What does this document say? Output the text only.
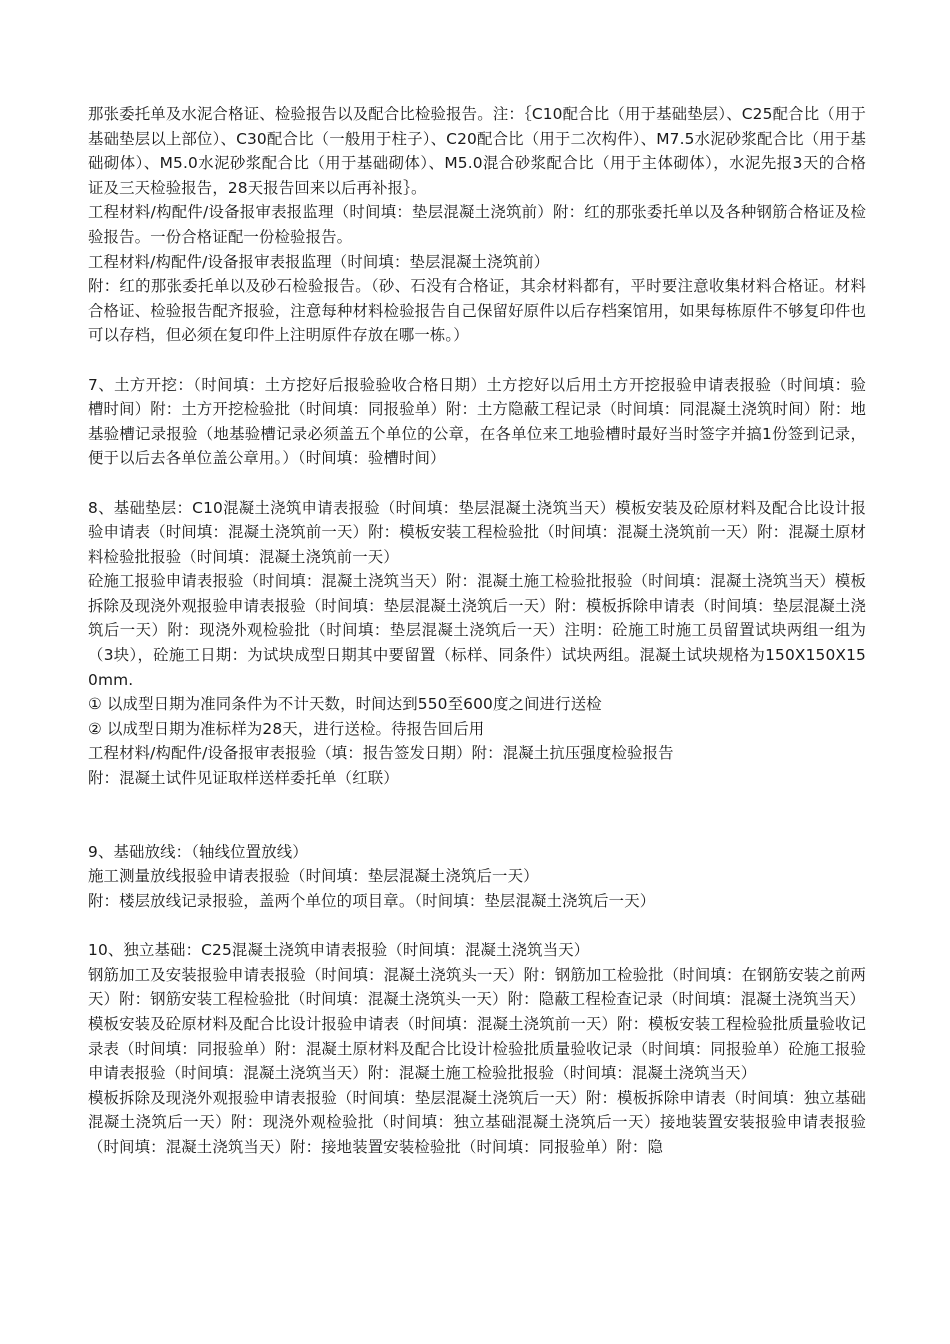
那张委托单及水泥合格证、检验报告以及配合比检验报告。注：｛C10配合比（用于基础垫层）、C25配合比（用于基础垫层以上部位）、C30配合比（一般用于柱子）、C20配合比（用于二次构件）、M7.5水泥砂浆配合比（用于基础砌体）、M5.0水泥砂浆配合比（用于基础砌体）、M5.0混合砂浆配合比（用于主体砌体），水泥先报3天的合格证及三天检验报告，28天报告回来以后再补报｝。

工程材料/构配件/设备报审表报监理（时间填：垫层混凝土浇筑前）附：红的那张委托单以及各种钢筋合格证及检验报告。一份合格证配一份检验报告。

工程材料/构配件/设备报审表报监理（时间填：垫层混凝土浇筑前）

附：红的那张委托单以及砂石检验报告。（砂、石没有合格证，其余材料都有，平时要注意收集材料合格证。材料合格证、检验报告配齐报验，注意每种材料检验报告自己保留好原件以后存档案馆用，如果每栋原件不够复印件也可以存档，但必须在复印件上注明原件存放在哪一栋。）

7、土方开挖：（时间填：土方挖好后报验验收合格日期）土方挖好以后用土方开挖报验申请表报验（时间填：验槽时间）附：土方开挖检验批（时间填：同报验单）附：土方隐蔽工程记录（时间填：同混凝土浇筑时间）附：地基验槽记录报验（地基验槽记录必须盖五个单位的公章，在各单位来工地验槽时最好当时签字并搞1份签到记录，便于以后去各单位盖公章用。）（时间填：验槽时间）

8、基础垫层：C10混凝土浇筑申请表报验（时间填：垫层混凝土浇筑当天）模板安装及砼原材料及配合比设计报验申请表（时间填：混凝土浇筑前一天）附：模板安装工程检验批（时间填：混凝土浇筑前一天）附：混凝土原材料检验批报验（时间填：混凝土浇筑前一天）

砼施工报验申请表报验（时间填：混凝土浇筑当天）附：混凝土施工检验批报验（时间填：混凝土浇筑当天）模板拆除及现浇外观报验申请表报验（时间填：垫层混凝土浇筑后一天）附：模板拆除申请表（时间填：垫层混凝土浇筑后一天）附：现浇外观检验批（时间填：垫层混凝土浇筑后一天）注明：砼施工时施工员留置试块两组一组为（3块），砼施工日期：为试块成型日期其中要留置（标样、同条件）试块两组。混凝土试块规格为150X150X150mm.

① 以成型日期为准同条件为不计天数，时间达到550至600度之间进行送检

② 以成型日期为准标样为28天，进行送检。待报告回后用

工程材料/构配件/设备报审表报验（填：报告签发日期）附：混凝土抗压强度检验报告

附：混凝土试件见证取样送样委托单（红联）

9、基础放线：（轴线位置放线）

施工测量放线报验申请表报验（时间填：垫层混凝土浇筑后一天）

附：楼层放线记录报验，盖两个单位的项目章。（时间填：垫层混凝土浇筑后一天）

10、独立基础：C25混凝土浇筑申请表报验（时间填：混凝土浇筑当天）

钢筋加工及安装报验申请表报验（时间填：混凝土浇筑头一天）附：钢筋加工检验批（时间填：在钢筋安装之前两天）附：钢筋安装工程检验批（时间填：混凝土浇筑头一天）附：隐蔽工程检查记录（时间填：混凝土浇筑当天）

模板安装及砼原材料及配合比设计报验申请表（时间填：混凝土浇筑前一天）附：模板安装工程检验批质量验收记录表（时间填：同报验单）附：混凝土原材料及配合比设计检验批质量验收记录（时间填：同报验单）砼施工报验申请表报验（时间填：混凝土浇筑当天）附：混凝土施工检验批报验（时间填：混凝土浇筑当天）

模板拆除及现浇外观报验申请表报验（时间填：垫层混凝土浇筑后一天）附：模板拆除申请表（时间填：独立基础混凝土浇筑后一天）附：现浇外观检验批（时间填：独立基础混凝土浇筑后一天）接地装置安装报验申请表报验（时间填：混凝土浇筑当天）附：接地装置安装检验批（时间填：同报验单）附：隐
